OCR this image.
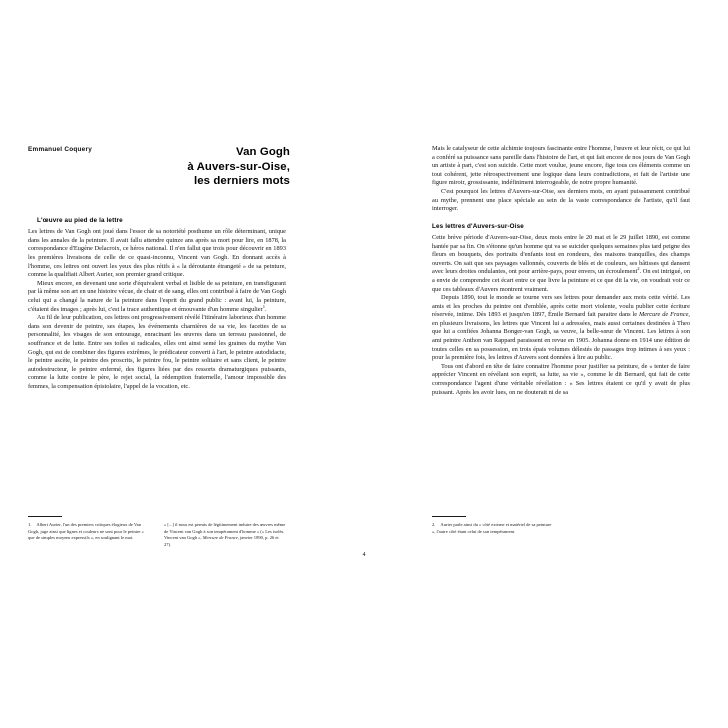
Emmanuel Coquery
L'œuvre au pied de la lettre

Les lettres de Van Gogh ont joué dans l'essor de sa notoriété posthume un rôle déterminant, unique dans les annales de la peinture. Il avait fallu attendre quinze ans après sa mort pour lire, en 1878, la correspondance d'Eugène Delacroix, ce héros national. Il n'en fallut que trois pour découvrir en 1893 les premières livraisons de celle de ce quasi-inconnu, Vincent van Gogh. En donnant accès à l'homme, ces lettres ont ouvert les yeux des plus rétifs à « la déroutante étrangeté » de sa peinture, comme la qualifiait Albert Aurier, son premier grand critique.

Mieux encore, en devenant une sorte d'équivalent verbal et lisible de sa peinture, en transfigurant par là même son art en une histoire vécue, de chair et de sang, elles ont contribué à faire de Van Gogh celui qui a changé la nature de la peinture dans l'esprit du grand public : avant lui, la peinture, c'étaient des images ; après lui, c'est la trace authentique et émouvante d'un homme singulier$^1$.

Au fil de leur publication, ces lettres ont progressivement révélé l'itinéraire laborieux d'un homme dans son devenir de peintre, ses étapes, les événements charnières de sa vie, les facettes de sa personnalité, les visages de son entourage, enracinant les œuvres dans un terreau passionnel, de souffrance et de lutte. Entre ses toiles si radicales, elles ont ainsi semé les graines du mythe Van Gogh, qui est de combiner des figures extrêmes, le prédicateur converti à l'art, le peintre autodidacte, le peintre ascète, le peintre des proscrits, le peintre fou, le peintre solitaire et sans client, le peintre autodestructeur, le peintre enfermé, des figures liées par des ressorts dramaturgiques puissants, comme la lutte contre le père, le rejet social, la rédemption fraternelle, l'amour impossible des femmes, la compensation épistolaire, l'appel de la vocation, etc.

1. Albert Aurier, l'un des premiers critiques élogieux de Van Gogh, juge ainsi que lignes et couleurs ne sont pour le peintre « que de simples moyens expressifs », en soulignant le mot.

« [...] il nous est permis de légitimement induire des œuvres même de Vincent van Gogh à son tempérament d'homme » (« Les isolés. Vincent van Gogh », Mercure de France, janvier 1890, p. 26 et 27).

Van Gogh
à Auvers-sur-Oise,
les derniers mots

Mais le catalyseur de cette alchimie toujours fascinante entre l'homme, l'œuvre et leur récit, ce qui lui a conféré sa puissance sans pareille dans l'histoire de l'art, et qui fait encore de nos jours de Van Gogh un artiste à part, c'est son suicide. Cette mort voulue, jeune encore, fige tous ces éléments comme un tout cohérent, jette rétrospectivement une logique dans leurs contradictions, et fait de l'artiste une figure miroir, grossissante, indéfiniment interrogeable, de notre propre humanité.

C'est pourquoi les lettres d'Auvers-sur-Oise, ses derniers mots, en ayant puissamment contribué au mythe, prennent une place spéciale au sein de la vaste correspondance de l'artiste, qu'il faut interroger.

Les lettres d'Auvers-sur-Oise

Cette brève période d'Auvers-sur-Oise, deux mois entre le 20 mai et le 29 juillet 1890, est comme hantée par sa fin. On s'étonne qu'un homme qui va se suicider quelques semaines plus tard peigne des fleurs en bouquets, des portraits d'enfants tout en rondeurs, des maisons tranquilles, des champs ouverts. On sait que ses paysages vallonnés, couverts de blés et de couleurs, ses bâtisses qui dansent avec leurs droites ondulantes, ont pour arrière-pays, pour envers, un écroulement$^2$. On est intrigué, on a envie de comprendre cet écart entre ce que livre la peinture et ce que dit la vie, on voudrait voir ce que ces tableaux d'Auvers montrent vraiment.

Depuis 1890, tout le monde se tourne vers ses lettres pour demander aux mots cette vérité. Les amis et les proches du peintre ont d'emblée, après cette mort violente, voulu publier cette écriture réservée, intime. Dès 1893 et jusqu'en 1897, Émile Bernard fait paraitre dans le Mercure de France, en plusieurs livraisons, les lettres que Vincent lui a adressées, mais aussi certaines destinées à Theo que lui a confiées Johanna Bonger-van Gogh, sa veuve, la belle-sœur de Vincent. Les lettres à son ami peintre Anthon van Rappard paraissent en revue en 1905. Johanna donne en 1914 une édition de toutes celles en sa possession, en trois épais volumes délestés de passages trop intimes à ses yeux : pour la première fois, les lettres d'Auvers sont données à lire au public.

Tous ont d'abord en tête de faire connaitre l'homme pour justifier sa peinture, de « tenter de faire apprécier Vincent en révélant son esprit, sa lutte, sa vie », comme le dit Bernard, qui fait de cette correspondance l'agent d'une véritable révélation : « Ses lettres étaient ce qu'il y avait de plus puissant. Après les avoir lues, on ne douterait ni de sa

2. Aurier parle ainsi du « côté externe et matériel de sa peinture », l'autre côté étant celui de son tempérament.

4
